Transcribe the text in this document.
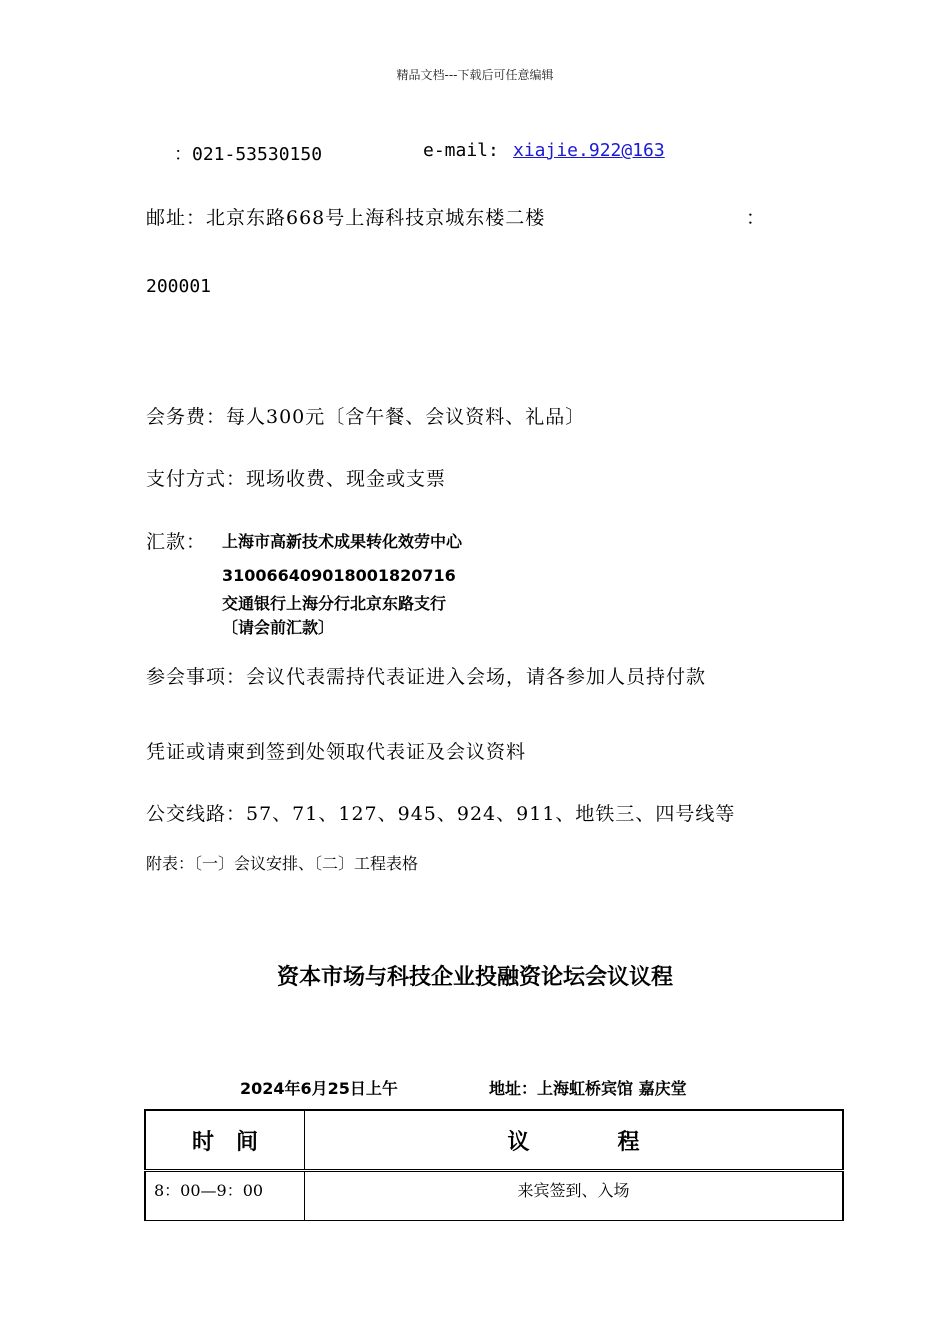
精品文档---下载后可任意编辑
：021-53530150	e-mail: xiajie.922@163
邮址：北京东路668号上海科技京城东楼二楼	：
200001
会务费：每人300元〔含午餐、会议资料、礼品〕
支付方式：现场收费、现金或支票
汇款： 上海市高新技术成果转化效劳中心
310066409018001820716
交通银行上海分行北京东路支行
〔请会前汇款〕
参会事项：会议代表需持代表证进入会场，请各参加人员持付款
凭证或请柬到签到处领取代表证及会议资料
公交线路：57、71、127、945、924、911、地铁三、四号线等
附表：〔一〕会议安排、〔二〕工程表格
资本市场与科技企业投融资论坛会议议程
2024年6月25日上午	地址：上海虹桥宾馆 嘉庆堂
时　间	议　　　　程
8：00—9：00	来宾签到、入场
